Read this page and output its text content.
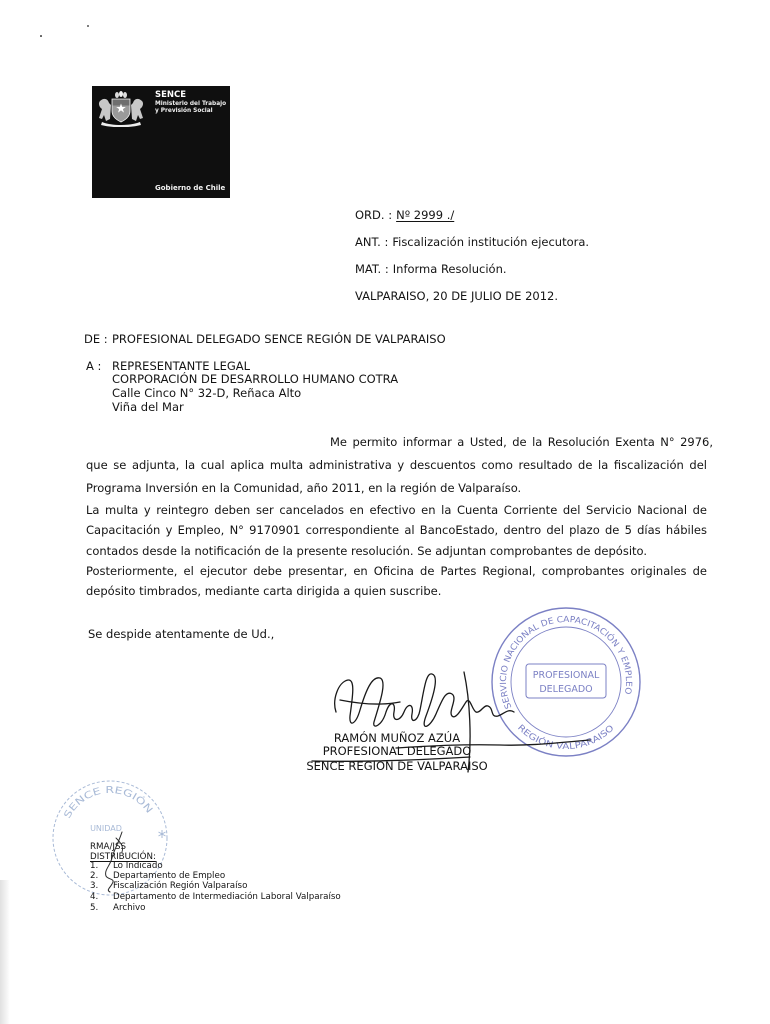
SENCE
Ministerio del Trabajo
y Previsión Social
Gobierno de Chile
ORD. : Nº 2999 ./
ANT. : Fiscalización institución ejecutora.
MAT. : Informa Resolución.
VALPARAISO, 20 DE JULIO DE 2012.
DE : PROFESIONAL DELEGADO SENCE REGIÓN DE VALPARAISO
A : REPRESENTANTE LEGAL
CORPORACIÓN DE DESARROLLO HUMANO COTRA
Calle Cinco N° 32-D, Reñaca Alto
Viña del Mar
Me permito informar a Usted, de la Resolución Exenta N° 2976,
que se adjunta, la cual aplica multa administrativa y descuentos como resultado de la fiscalización del
Programa Inversión en la Comunidad, año 2011, en la región de Valparaíso.
La multa y reintegro deben ser cancelados en efectivo en la Cuenta Corriente del Servicio Nacional de
Capacitación y Empleo, N° 9170901 correspondiente al BancoEstado, dentro del plazo de 5 días hábiles
contados desde la notificación de la presente resolución. Se adjuntan comprobantes de depósito.
Posteriormente, el ejecutor debe presentar, en Oficina de Partes Regional, comprobantes originales de
depósito timbrados, mediante carta dirigida a quien suscribe.
Se despide atentamente de Ud.,
SERVICIO NACIONAL DE CAPACITACIÓN Y EMPLEO
REGIÓN VALPARAISO
PROFESIONAL
DELEGADO
RAMÓN MUÑOZ AZÚA
PROFESIONAL DELEGADO
SENCE REGION DE VALPARAISO
SENCE REGIÓN
UNIDAD
RMA/JSS
DISTRIBUCIÓN:
1. Lo Indicado
2. Departamento de Empleo
3. Fiscalización Región Valparaíso
4. Departamento de Intermediación Laboral Valparaíso
5. Archivo
